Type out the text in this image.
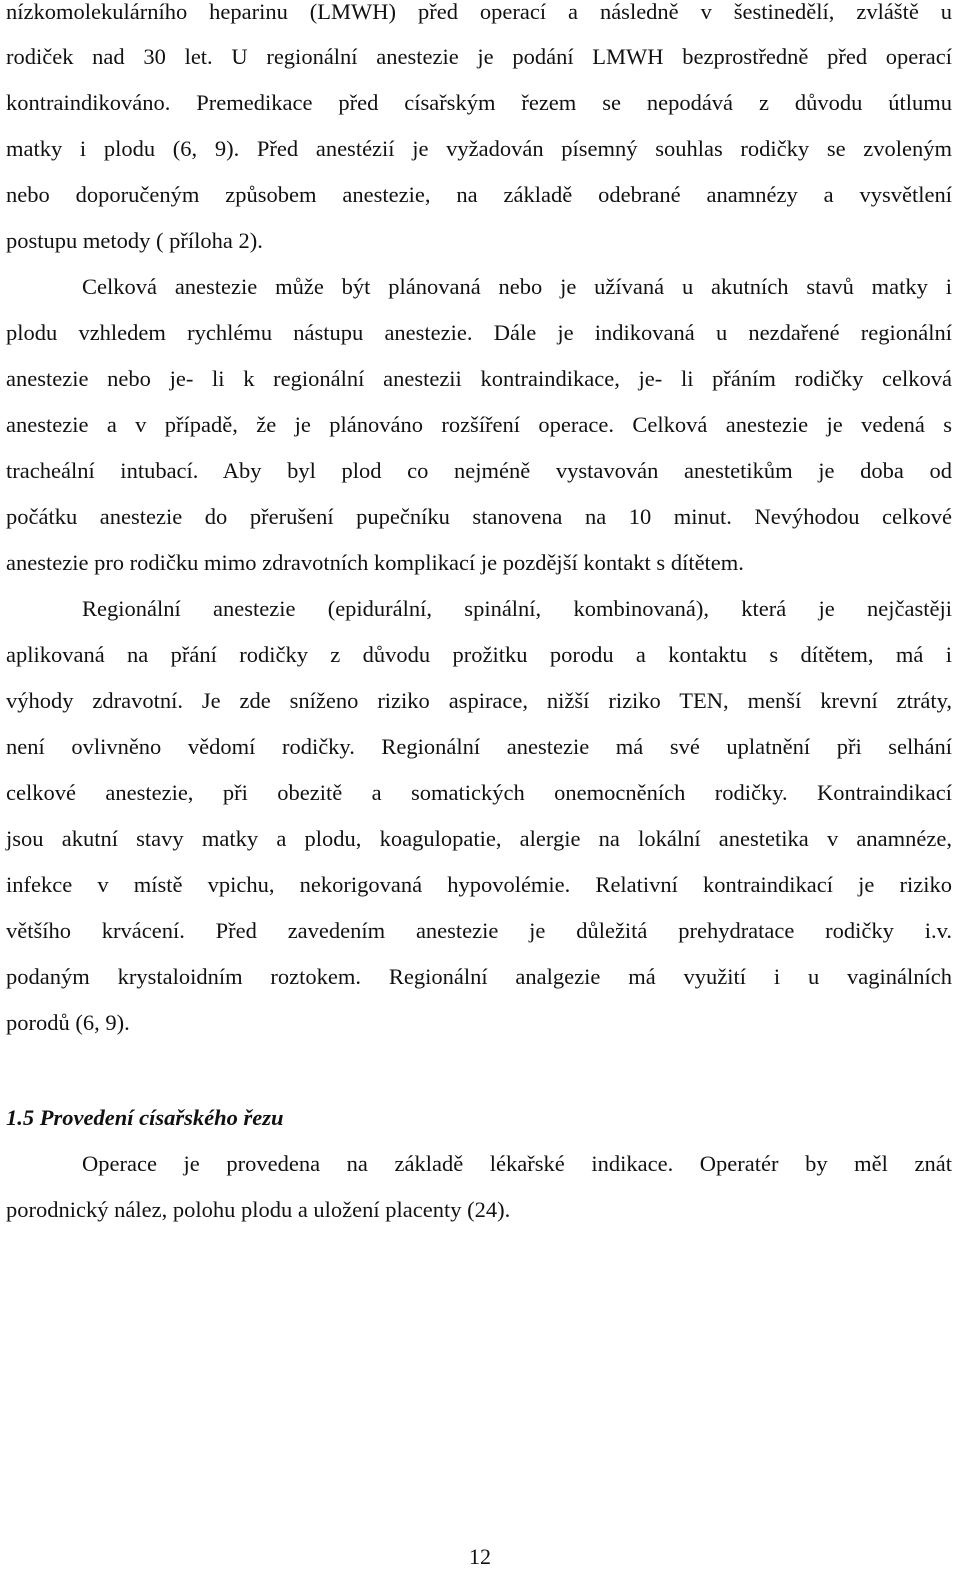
nízkomolekulárního heparinu (LMWH) před operací a následně v šestinedělí, zvláště u
rodiček nad 30 let. U regionální anestezie je podání LMWH bezprostředně před operací
kontraindikováno. Premedikace před císařským řezem se nepodává z důvodu útlumu
matky i plodu (6, 9). Před anestézií je vyžadován písemný souhlas rodičky se zvoleným
nebo doporučeným způsobem anestezie, na základě odebrané anamnézy a vysvětlení
postupu metody ( příloha 2).
Celková anestezie může být plánovaná nebo je užívaná u akutních stavů matky i
plodu vzhledem rychlému nástupu anestezie. Dále je indikovaná u nezdařené regionální
anestezie nebo je- li k regionální anestezii kontraindikace, je- li přáním rodičky celková
anestezie a v případě, že je plánováno rozšíření operace. Celková anestezie je vedená s
tracheální intubací. Aby byl plod co nejméně vystavován anestetikům je doba od
počátku anestezie do přerušení pupečníku stanovena na 10 minut. Nevýhodou celkové
anestezie pro rodičku mimo zdravotních komplikací je pozdější kontakt s dítětem.
Regionální anestezie (epidurální, spinální, kombinovaná), která je nejčastěji
aplikovaná na přání rodičky z důvodu prožitku porodu a kontaktu s dítětem, má i
výhody zdravotní. Je zde sníženo riziko aspirace, nižší riziko TEN, menší krevní ztráty,
není ovlivněno vědomí rodičky. Regionální anestezie má své uplatnění při selhání
celkové anestezie, při obezitě a somatických onemocněních rodičky. Kontraindikací
jsou akutní stavy matky a plodu, koagulopatie, alergie na lokální anestetika v anamnéze,
infekce v místě vpichu, nekorigovaná hypovolémie. Relativní kontraindikací je riziko
většího krvácení. Před zavedením anestezie je důležitá prehydratace rodičky i.v.
podaným krystaloidním roztokem. Regionální analgezie má využití i u vaginálních
porodů (6, 9).
1.5 Provedení císařského řezu
Operace je provedena na základě lékařské indikace. Operatér by měl znát
porodnický nález, polohu plodu a uložení placenty (24).
12
